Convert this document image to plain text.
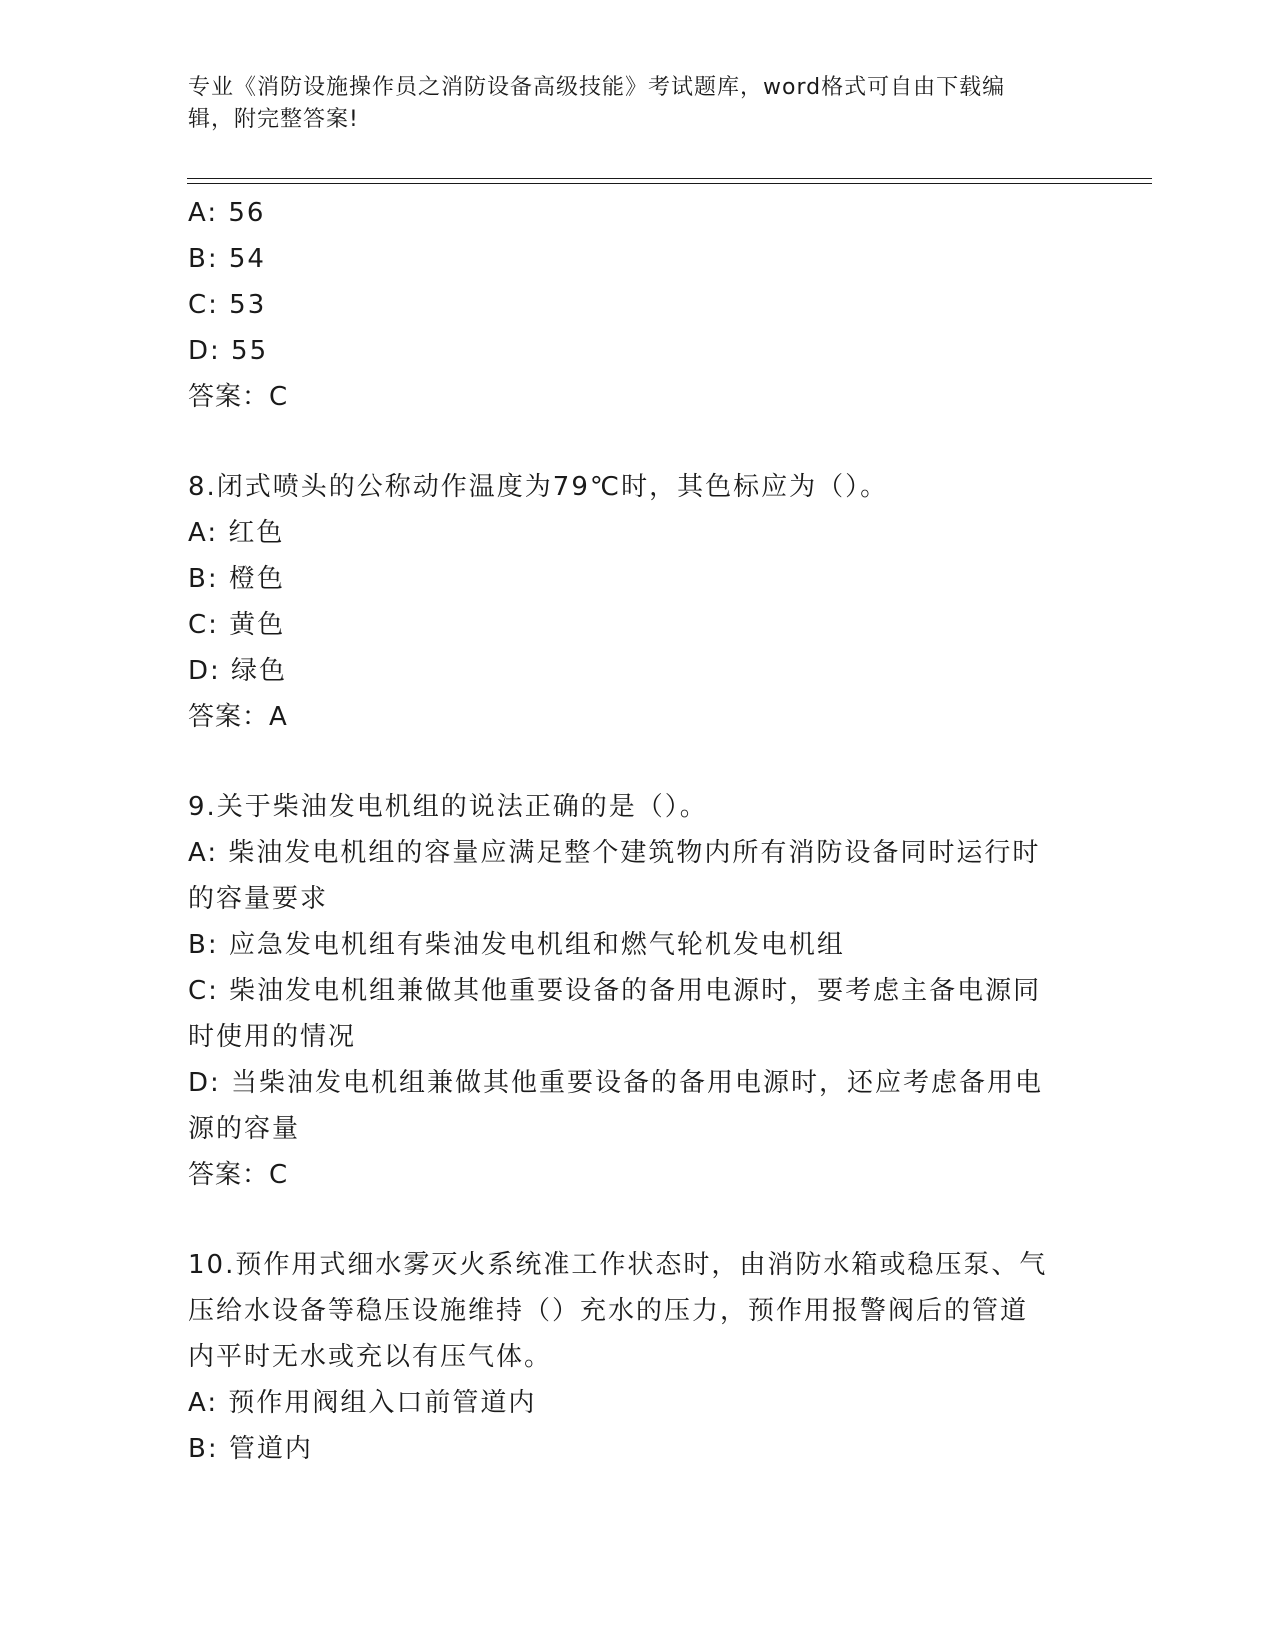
专业《消防设施操作员之消防设备高级技能》考试题库，word格式可自由下载编
辑，附完整答案!
A: 56
B: 54
C: 53
D: 55
答案：C
8.闭式喷头的公称动作温度为79℃时，其色标应为（）。
A: 红色
B: 橙色
C: 黄色
D: 绿色
答案：A
9.关于柴油发电机组的说法正确的是（）。
A: 柴油发电机组的容量应满足整个建筑物内所有消防设备同时运行时
的容量要求
B: 应急发电机组有柴油发电机组和燃气轮机发电机组
C: 柴油发电机组兼做其他重要设备的备用电源时，要考虑主备电源同
时使用的情况
D: 当柴油发电机组兼做其他重要设备的备用电源时，还应考虑备用电
源的容量
答案：C
10.预作用式细水雾灭火系统准工作状态时，由消防水箱或稳压泵、气
压给水设备等稳压设施维持（）充水的压力，预作用报警阀后的管道
内平时无水或充以有压气体。
A: 预作用阀组入口前管道内
B: 管道内
